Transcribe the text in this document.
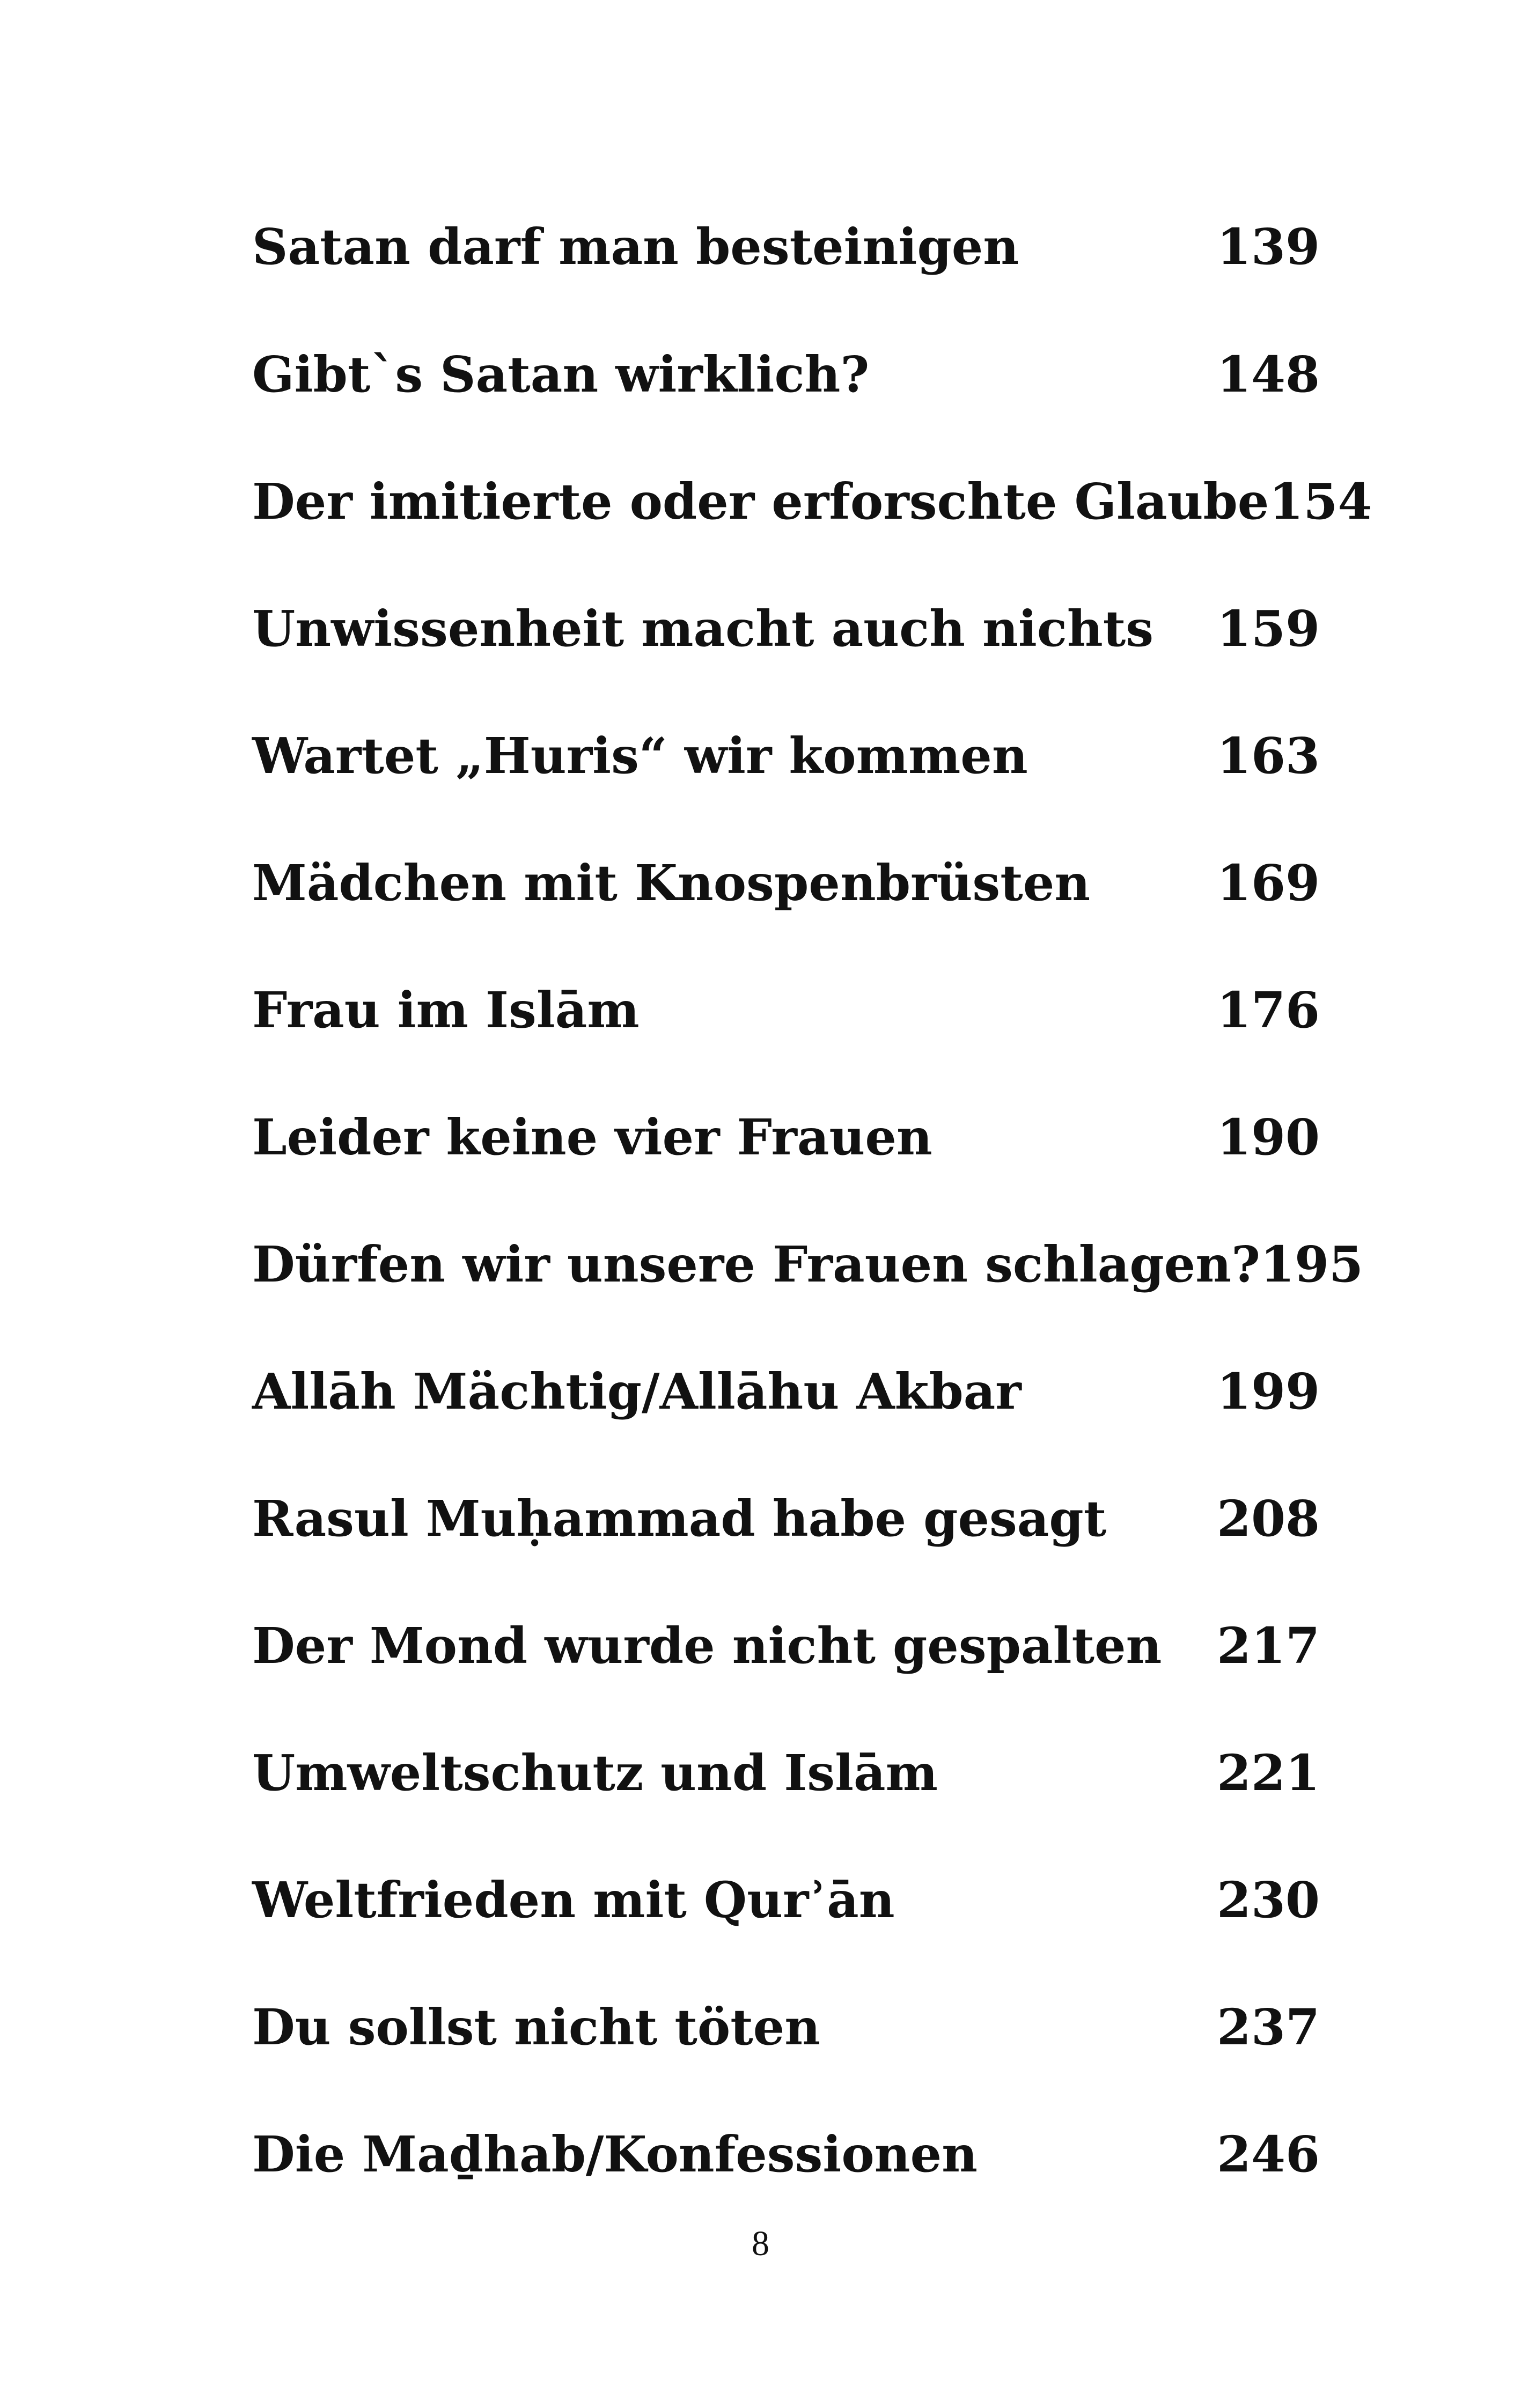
Satan darf man besteinigen	139
Gibt`s Satan wirklich?	148
Der imitierte oder erforschte Glaube 154
Unwissenheit macht auch nichts 159
Wartet „Huris“ wir kommen	163
Mädchen mit Knospenbrüsten	169
Frau im Islām	176
Leider keine vier Frauen	190
Dürfen wir unsere Frauen schlagen? 195
Allāh Mächtig/Allāhu Akbar	199
Rasul Muḥammad habe gesagt 208
Der Mond wurde nicht gespalten 217
Umweltschutz und Islām	221
Weltfrieden mit Qurʾān	230
Du sollst nicht töten	237
Die Maḏhab/Konfessionen	246
8
